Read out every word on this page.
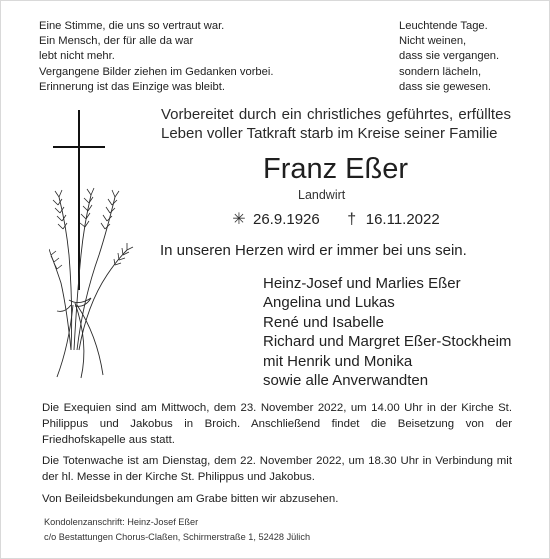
Eine Stimme, die uns so vertraut war.
Ein Mensch, der für alle da war
lebt nicht mehr.
Vergangene Bilder ziehen im Gedanken vorbei.
Erinnerung ist das Einzige was bleibt.
Leuchtende Tage.
Nicht weinen,
dass sie vergangen.
sondern lächeln,
dass sie gewesen.
Vorbereitet durch ein christliches geführtes, erfülltes
Leben voller Tatkraft starb im Kreise seiner Familie
Franz Eßer
Landwirt
✳ 26.9.1926 † 16.11.2022
In unseren Herzen wird er immer bei uns sein.
Heinz-Josef und Marlies Eßer
Angelina und Lukas
René und Isabelle
Richard und Margret Eßer-Stockheim
mit Henrik und Monika
sowie alle Anverwandten

Die Exequien sind am Mittwoch, dem 23. November 2022, um 14.00 Uhr in der Kirche St. Philippus und Jakobus in Broich. Anschließend findet die Beisetzung von der Friedhofskapelle aus statt.

Die Totenwache ist am Dienstag, dem 22. November 2022, um 18.30 Uhr in Verbindung mit der hl. Messe in der Kirche St. Philippus und Jakobus.

Von Beileidsbekundungen am Grabe bitten wir abzusehen.

Kondolenzanschrift: Heinz-Josef Eßer
c/o Bestattungen Chorus-Claßen, Schirmerstraße 1, 52428 Jülich
